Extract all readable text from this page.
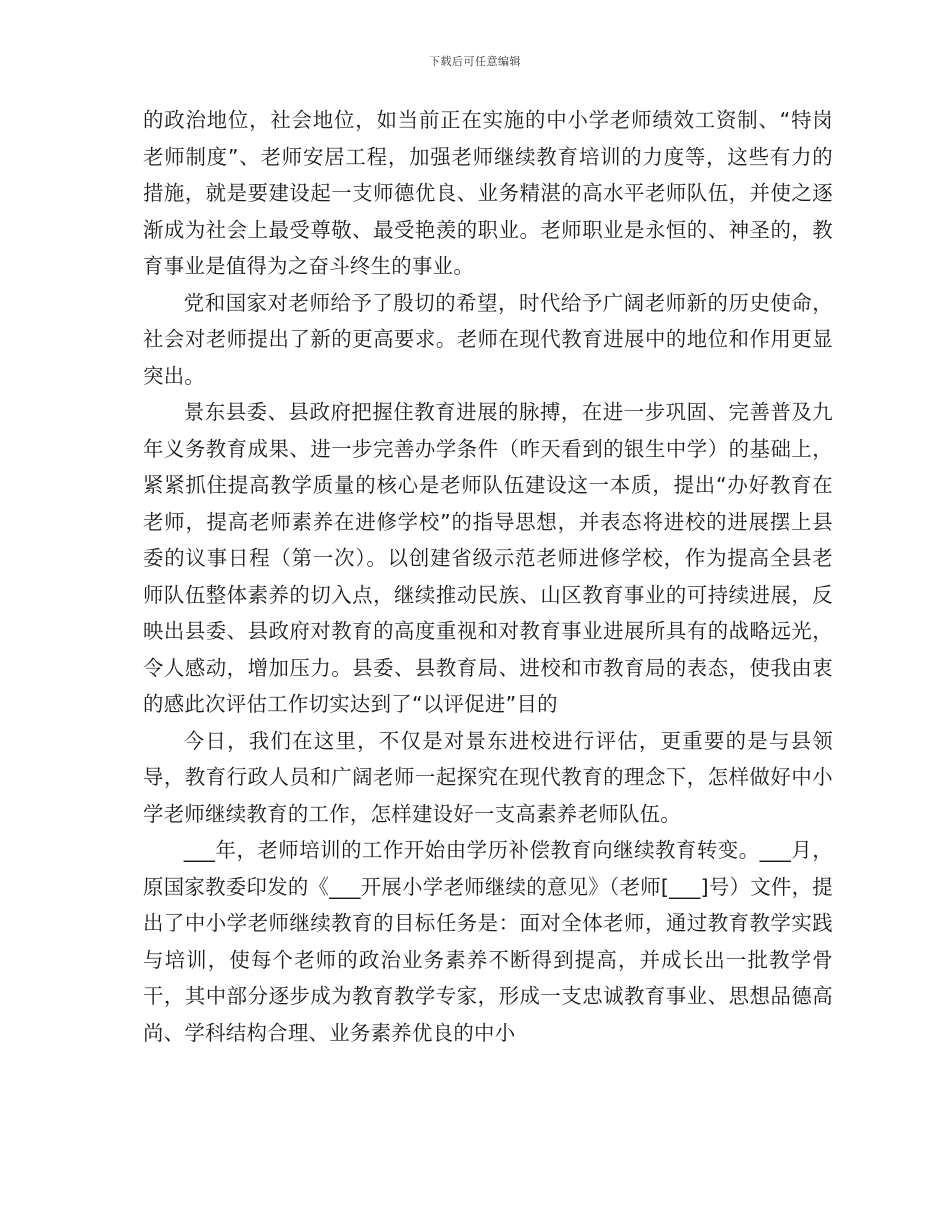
下载后可任意编辑

的政治地位，社会地位，如当前正在实施的中小学老师绩效工资制、“特岗老师制度”、老师安居工程，加强老师继续教育培训的力度等，这些有力的措施，就是要建设起一支师德优良、业务精湛的高水平老师队伍，并使之逐渐成为社会上最受尊敬、最受艳羡的职业。老师职业是永恒的、神圣的，教育事业是值得为之奋斗终生的事业。

党和国家对老师给予了殷切的希望，时代给予广阔老师新的历史使命，社会对老师提出了新的更高要求。老师在现代教育进展中的地位和作用更显突出。

景东县委、县政府把握住教育进展的脉搏，在进一步巩固、完善普及九年义务教育成果、进一步完善办学条件（昨天看到的银生中学）的基础上，紧紧抓住提高教学质量的核心是老师队伍建设这一本质，提出“办好教育在老师，提高老师素养在进修学校”的指导思想，并表态将进校的进展摆上县委的议事日程（第一次）。以创建省级示范老师进修学校，作为提高全县老师队伍整体素养的切入点，继续推动民族、山区教育事业的可持续进展，反映出县委、县政府对教育的高度重视和对教育事业进展所具有的战略远光，令人感动，增加压力。县委、县教育局、进校和市教育局的表态，使我由衷的感此次评估工作切实达到了“以评促进”目的

今日，我们在这里，不仅是对景东进校进行评估，更重要的是与县领导，教育行政人员和广阔老师一起探究在现代教育的理念下，怎样做好中小学老师继续教育的工作，怎样建设好一支高素养老师队伍。

___年，老师培训的工作开始由学历补偿教育向继续教育转变。___月，原国家教委印发的《___开展小学老师继续的意见》（老师[___]号）文件，提出了中小学老师继续教育的目标任务是：面对全体老师，通过教育教学实践与培训，使每个老师的政治业务素养不断得到提高，并成长出一批教学骨干，其中部分逐步成为教育教学专家，形成一支忠诚教育事业、思想品德高尚、学科结构合理、业务素养优良的中小
